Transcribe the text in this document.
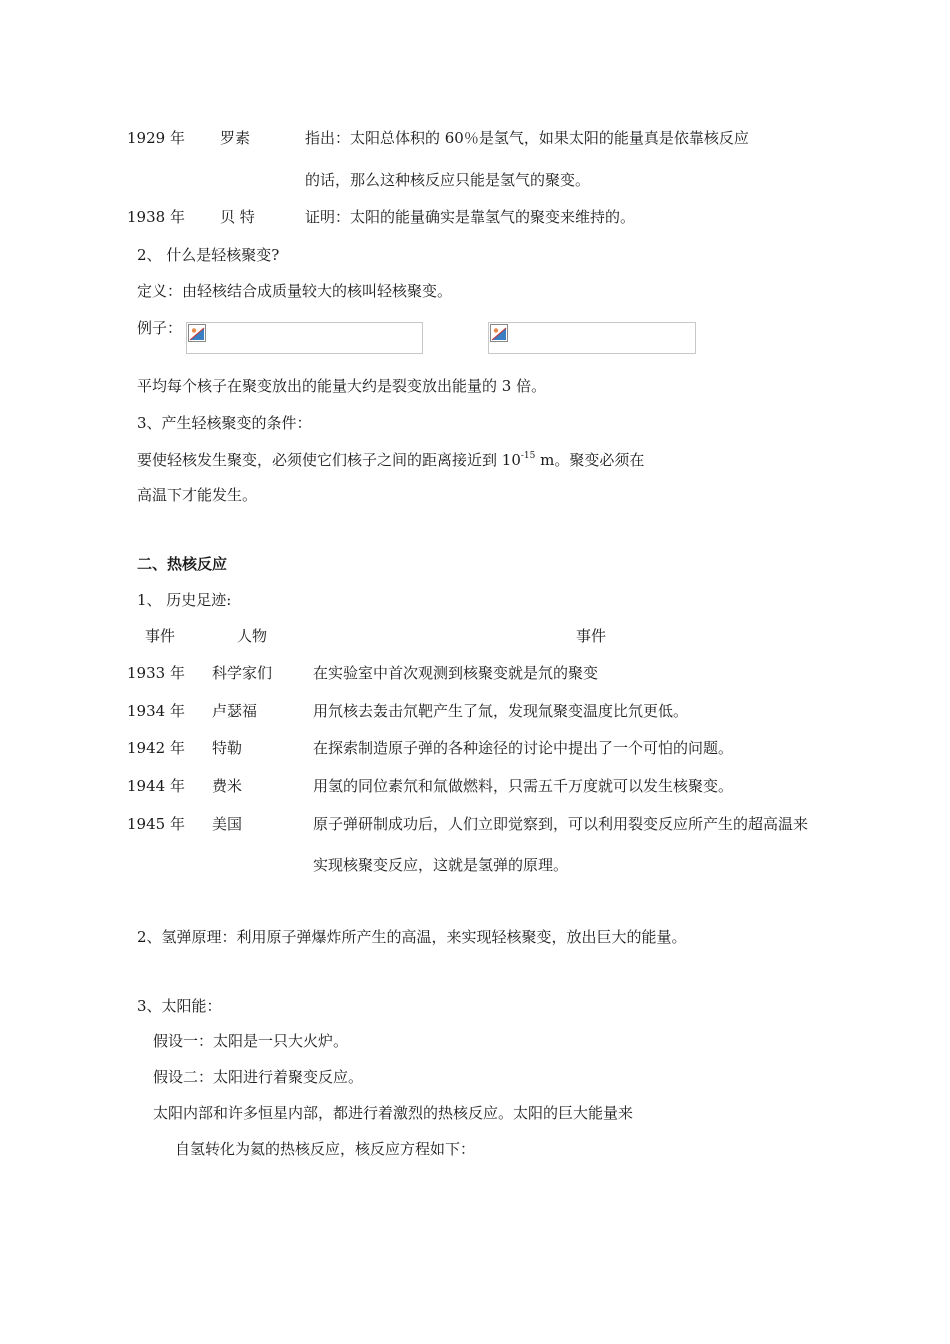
1929 年 罗素	指出：太阳总体积的 60％是氢气，如果太阳的能量真是依靠核反应
的话，那么这种核反应只能是氢气的聚变。
1938 年 贝 特	证明：太阳的能量确实是靠氢气的聚变来维持的。
2、 什么是轻核聚变?
定义：由轻核结合成质量较大的核叫轻核聚变。
例子：
平均每个核子在聚变放出的能量大约是裂变放出能量的 3 倍。
3、产生轻核聚变的条件：
要使轻核发生聚变，必须使它们核子之间的距离接近到 $10^{-15}$ m。聚变必须在
高温下才能发生。
二、热核反应
1、 历史足迹:
事件	人物	事件
1933 年 科学家们	在实验室中首次观测到核聚变就是氘的聚变
1934 年 卢瑟福	用氘核去轰击氘靶产生了氚，发现氚聚变温度比氘更低。
1942 年 特勒	在探索制造原子弹的各种途径的讨论中提出了一个可怕的问题。
1944 年 费米	用氢的同位素氘和氚做燃料，只需五千万度就可以发生核聚变。
1945 年 美国	原子弹研制成功后，人们立即觉察到，可以利用裂变反应所产生的超高温来
实现核聚变反应，这就是氢弹的原理。
2、氢弹原理：利用原子弹爆炸所产生的高温，来实现轻核聚变，放出巨大的能量。
3、太阳能：
假设一：太阳是一只大火炉。
假设二：太阳进行着聚变反应。
太阳内部和许多恒星内部，都进行着激烈的热核反应。太阳的巨大能量来
自氢转化为氦的热核反应，核反应方程如下：
